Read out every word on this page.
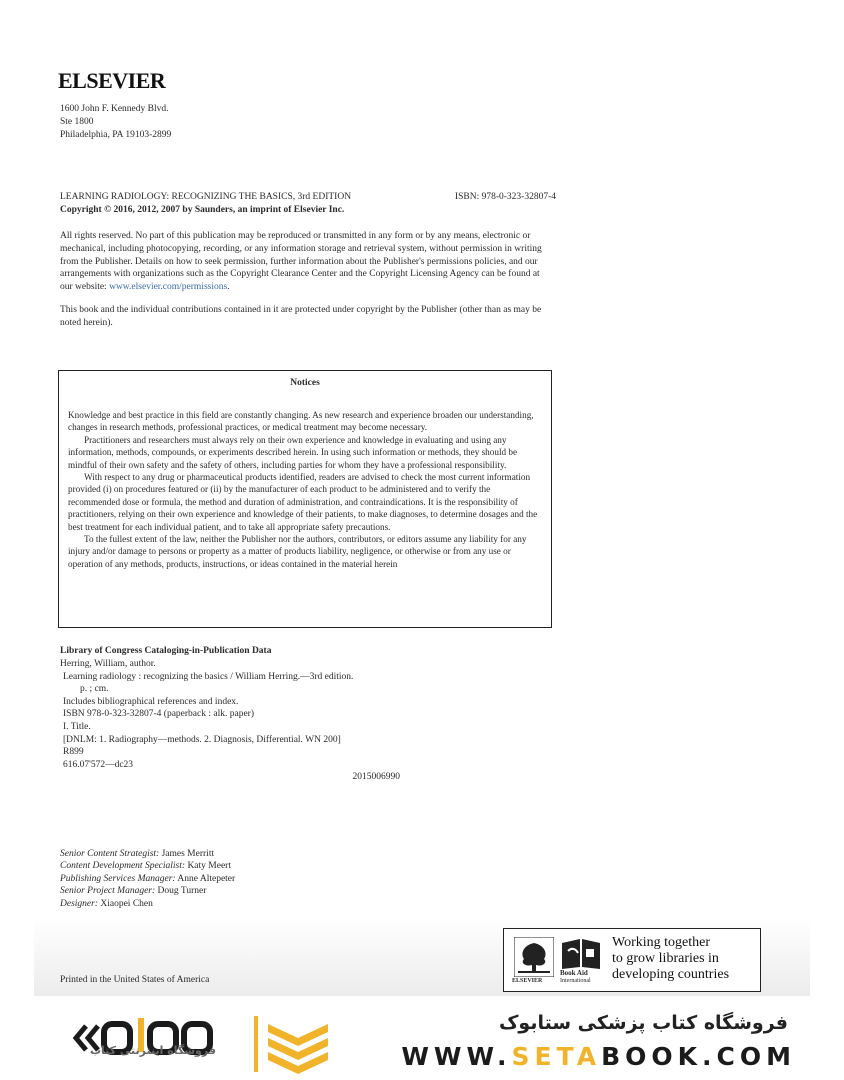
ELSEVIER
1600 John F. Kennedy Blvd.
Ste 1800
Philadelphia, PA 19103-2899
LEARNING RADIOLOGY: RECOGNIZING THE BASICS, 3rd EDITION	ISBN: 978-0-323-32807-4
Copyright © 2016, 2012, 2007 by Saunders, an imprint of Elsevier Inc.
All rights reserved. No part of this publication may be reproduced or transmitted in any form or by any means, electronic or mechanical, including photocopying, recording, or any information storage and retrieval system, without permission in writing from the Publisher. Details on how to seek permission, further information about the Publisher's permissions policies, and our arrangements with organizations such as the Copyright Clearance Center and the Copyright Licensing Agency can be found at our website: www.elsevier.com/permissions.
This book and the individual contributions contained in it are protected under copyright by the Publisher (other than as may be noted herein).
Notices

Knowledge and best practice in this field are constantly changing. As new research and experience broaden our understanding, changes in research methods, professional practices, or medical treatment may become necessary.

Practitioners and researchers must always rely on their own experience and knowledge in evaluating and using any information, methods, compounds, or experiments described herein. In using such information or methods, they should be mindful of their own safety and the safety of others, including parties for whom they have a professional responsibility.

With respect to any drug or pharmaceutical products identified, readers are advised to check the most current information provided (i) on procedures featured or (ii) by the manufacturer of each product to be administered and to verify the recommended dose or formula, the method and duration of administration, and contraindications. It is the responsibility of practitioners, relying on their own experience and knowledge of their patients, to make diagnoses, to determine dosages and the best treatment for each individual patient, and to take all appropriate safety precautions.

To the fullest extent of the law, neither the Publisher nor the authors, contributors, or editors assume any liability for any injury and/or damage to persons or property as a matter of products liability, negligence, or otherwise or from any use or operation of any methods, products, instructions, or ideas contained in the material herein

Library of Congress Cataloging-in-Publication Data
Herring, William, author.
Learning radiology : recognizing the basics / William Herring.—3rd edition.
p. ; cm.
Includes bibliographical references and index.
ISBN 978-0-323-32807-4 (paperback : alk. paper)
I. Title.
[DNLM: 1. Radiography—methods. 2. Diagnosis, Differential. WN 200]
R899
616.07'572—dc23
2015006990
Senior Content Strategist: James Merritt
Content Development Specialist: Katy Meert
Publishing Services Manager: Anne Altepeter
Senior Project Manager: Doug Turner
Designer: Xiaopei Chen
Printed in the United States of America	ELSEVIER
Book Aid
International
Working together
to grow libraries in
developing countries
فروشگاه اینترنتی کتاب
فروشگاه کتاب پزشکی ستابوک
WWW.SETABOOK.COM
